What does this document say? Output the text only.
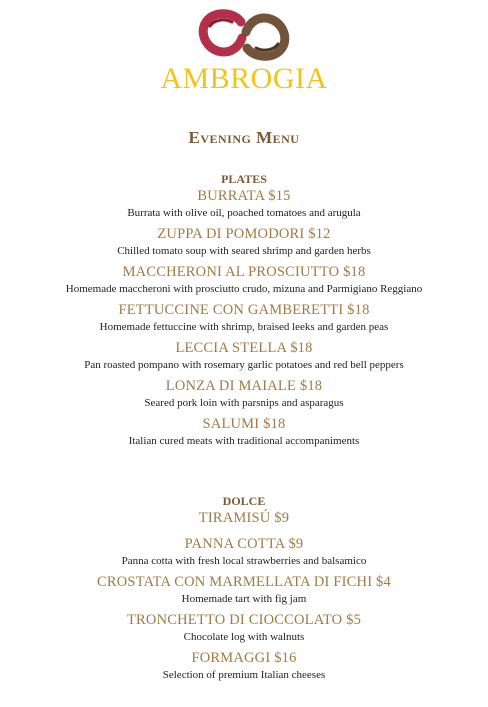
AMBROGIA
Evening Menu
PLATES
BURRATA $15
Burrata with olive oil, poached tomatoes and arugula
ZUPPA DI POMODORI $12
Chilled tomato soup with seared shrimp and garden herbs
MACCHERONI AL PROSCIUTTO $18
Homemade maccheroni with prosciutto crudo, mizuna and Parmigiano Reggiano
FETTUCCINE CON GAMBERETTI $18
Homemade fettuccine with shrimp, braised leeks and garden peas
LECCIA STELLA $18
Pan roasted pompano with rosemary garlic potatoes and red bell peppers
LONZA DI MAIALE $18
Seared pork loin with parsnips and asparagus
SALUMI $18
Italian cured meats with traditional accompaniments
DOLCE
TIRAMISÚ $9
PANNA COTTA $9
Panna cotta with fresh local strawberries and balsamico
CROSTATA CON MARMELLATA DI FICHI $4
Homemade tart with fig jam
TRONCHETTO DI CIOCCOLATO $5
Chocolate log with walnuts
FORMAGGI $16
Selection of premium Italian cheeses
